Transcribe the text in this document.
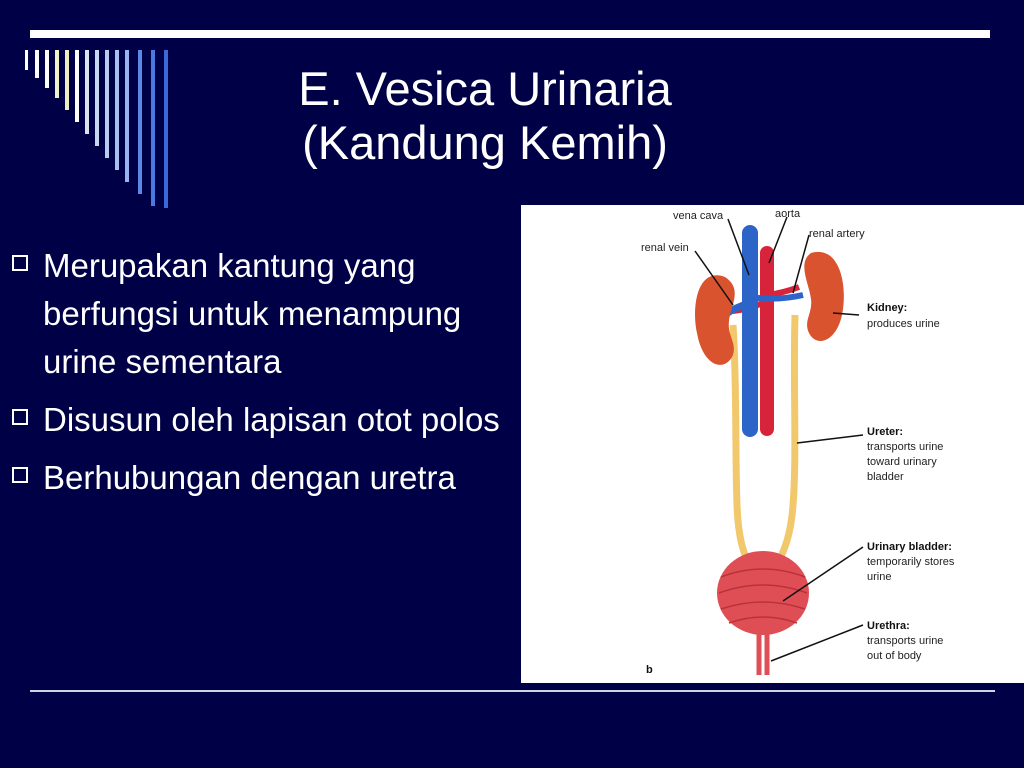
E. Vesica Urinaria
(Kandung Kemih)
Merupakan kantung yang berfungsi untuk menampung urine sementara
Disusun oleh lapisan otot polos
Berhubungan dengan uretra
vena cava	aorta
renal vein
renal artery
Kidney:
produces urine
Ureter:
transports urine
toward urinary
bladder
Urinary bladder:
temporarily stores
urine
Urethra:
transports urine
out of body
b
